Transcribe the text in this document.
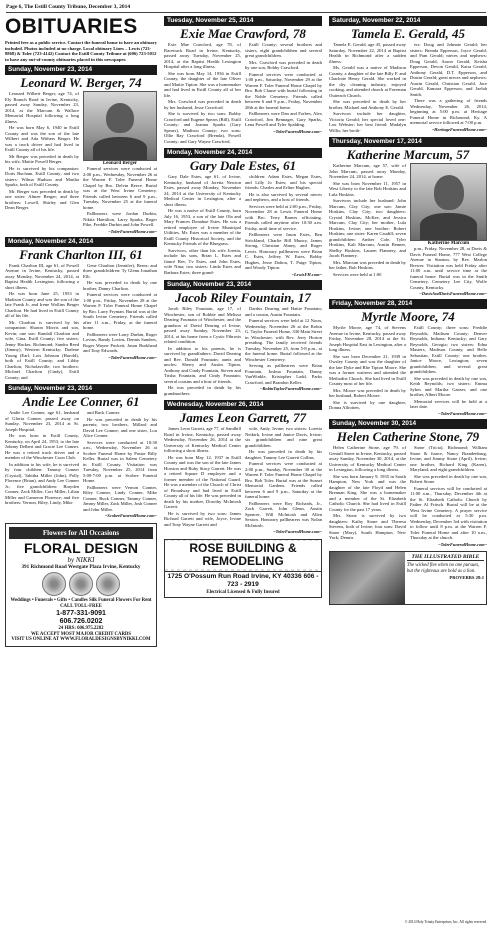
Page 6, The Estill County Tribune, December 3, 2014
OBITUARIES
Printed free as a public service. Contact the funeral home to have an obituary included. Photos included at no charge. Local obituary Lines – Lewis (723-8868) & Toler (723-4142) Contact the Estill County Tribune at (606) 723-5012 to have any out-of-county obituaries placed in this newspaper.
Sunday, November 23, 2014
Leonard W. Berger, 74

Leonard Wilbert Berger, age 74, of Ely Branch Road in Irvine, Kentucky, passed away Sunday, November 23, 2014, at the Marcum & Wallace Memorial Hospital following a long illness.

He was born May 6, 1940 in Estill County and was the son of the late Wilbert and Ada Withers Berger. He was a truck driver and had lived in Estill County all of his life.

Mr Berger was preceded in death by his wife, Mattie Powell Berger.

He is survived by his companion: Doris Bucham, Estill County; and two sisters: Wilma Hudson and Martha Sparks, both of Estill County.

Mr. Berger was preceded in death by one sister: Almee Berger; and three brothers: Lowell, Shirley and Glen Dean Berger.

Leonard Berger

Funeral services were conducted at 2:00 p.m., Wednesday, November 26 at the Warren F. Toler Funeral Home Chapel by Bro. Delvin Reece. Burial was at the West Irvine Cemetery. Friends called between 6 and 9 p.m., Tuesday, November 25 at the funeral home.

Pallbearers were Jordan Durbin, Nikita Hamilton, Larry Sparks, Roger Pike, Freddie Durbin and John Powell.

~TolerFuneralHome.com~
Monday, November 24, 2014
Frank Charlton III, 61

Frank Charlton III, age 61, of Powell Avenue in Irvine, Kentucky, passed away Monday, November 24, 2014, at Baptist Health Lexington, following a short illness.

He was born June 25, 1953 in Madison County and was the son of the late Frank Jr. and Irene Wollins Berger Charlton. He had lived in Estill County all of his life.

Mr. Charlton is survived by his companion: Sharon Morris and son, Kevin; one son: Randall Charlton and wife, Gina, Estill County; five sisters: Jenny Hacker, Richmond; Sandra Reed (Jimmy), Western Kentucky; Darlene Young (Earl, Lois Johnson (Harold), both of Estill County; and Libby Charlton, Nicholasville; two brothers: Michael Charlton (Cindy), Estill County; and

Gene Charlton (Jennifer), Berea; and three grandchildren: Ty Glenn Jonathan Elli.

He was preceded in death by one brother, Danny Charlton.

Funeral services were conducted at 1:00 p.m., Friday, November 28 at the Warren F. Toler Funeral Home Chapel by Bro. Larry Fryman. Burial was at the South Irvine Cemetery. Friends called after 11 a.m., Friday, at the funeral home.

Pallbearers were Larry Durbin, Roger Lovins, Randy Lovins, Dennis Sanders, Roger Wayne Puckett, Jason Burkhead and Tony Edwards.

~TolerFuneralHome.com~
Sunday, November 23, 2014
Andie Lee Conner, 61

Andie Lee Conner, age 61, husband of Gloria Conner, passed away on Sunday, November 23, 2014 at St. Joseph Hospital.

He was born in Estill County, Kentucky, on April 24, 1953, to the late Johnny Delbert and Gracie Lee Conner. He was a retired truck driver and a member of the Winchester Coon Club.

In addition to his wife, he is survived by four children: Tammy Conner (Crystal), Tabitha Miller (John), Polly Florence (Brian), and Andy Lee Conner Jr.; five grandchildren: Brayden Conner, Zack Miller, Cort Miller, Lilian Miller and Cameron Florence; and five brothers: Vernon, Riley, Lindy, Mike

and Buck Conner.

He was preceded in death by his parents; two brothers, Millard and David Lee Conner; and one sister, Lou Alice Conner.

Services were conducted at 10:30 a.m., Wednesday, November 26 at Scobee Funeral Home by Pastor Billy Keller. Burial was in Salem Cemetery in Estill County. Visitation was Tuesday, November 25, 2014 from 5:00-7:00 p.m. at Scobee Funeral Home.

Pallbearers were Vernon Conner, Riley Conner, Lindy Conner, Mike Conner, Buck Conner, Tammy Conner, Jimmy Miller, Zack Miller, Josh Conner and John Miller.

~ScobeeFuneralHome.com~
Flowers for All Occasions
FLORAL DESIGN
by NIKKI
391 Richmond Road Westgate Plaza Irvine, Kentucky
Weddings • Funerals • Gifts • Candles Silk Funeral Flowers For Rent
CALL TOLL-FREE
1-877-331-9091
606.726.0202
24 HRS: 606.975.2282
WE ACCEPT MOST MAJOR CREDIT CARDS
VISIT US ONLINE AT WWW.FLORALDESIGNSBYNIKKI.COM
Tuesday, November 25, 2014
Exie Mae Crawford, 78

Exie Mae Crawford, age 78, of Racetrack Road in Irvine, Kentucky, passed away Tuesday, November 25, 2014, at the Baptist Health Lexington Hospital after a long illness.

She was born May 14, 1936 in Estill County, the daughter of the late Oliver and Mattie Tipton. She was a homemaker and had lived in Estill County all of her life.

Mrs. Crawford was preceded in death by her husband, Jesse Crawford.

She is survived by two sons: Bobby Crawford and Eugene Spears (Bill), Estill County; and Joanna Sparks (Gary Spears), Madison County; two sons: Ollie Ray Crawford (Brenda), Powell County; and Gary Wayne Crawford,

Estill County; several brothers and sisters, eight grandchildren and several great grandchildren.

Mrs. Crawford was preceded in death by one son, Bobby Crawford.

Funeral services were conducted at 1:00 p.m., Saturday, November 29 at the Warren F. Toler Funeral Home Chapel by Bro. Bob Clause with burial following in the Noble Cemetery. Friends called between 6 and 9 p.m., Friday, November 28th at the funeral home.

Pallbearers were Dan and Forbes, Alex Crawford, Jim Bennager, Gary Sparks, Lena Powell and Tyler Spalding.

~TolerFuneralHome.com~
Monday, November 24, 2014
Gary Dale Estes, 61

Gary Dale Estes, age 61, of Irvine, Kentucky, husband of Joretta Newton Estes, passed away Monday, November 24, 2014 at the University of Kentucky Medical Center in Lexington, after a short illness.

He was a native of Estill County, born July 16, 1953, a son of the late Ola and Mary Frances Donahue Estes. He was a retired employee of Irvine Municipal Utilities. Mr. Estes was a member of the Estill County Historical Society, and the Kentucky Friends of the Bluegrass.

Survivors, other than his wife Joretta, include his sons, Brian L. Estes and fiancé Bev, Tv Estes, and John Estes, wife Nina; two sisters: Linda Estes and Barbara Estes; three grand-

children: Adam Estes, Megan Estes, and Lilly Jo Estes; and his special friends: Charles and Erline Hughes.

He is also survived by several nieces and nephews, and a host of friends.

Services were held at 2:00 p.m., Friday, November 28 at Lewis Funeral Home with Bro. Terry Barnes officiating. Friends called anytime after 10:30 a.m. Friday, until time of service.

Pallbearers were Jason Estes, Ben Strickland, Charlie Bill Muncy, James Strong, Christian Abney, and Roger Lewis. Honorary pallbearers were Brian C. Estes, Jeffrey W. Estes, Bobby Hughes, Jesse Dalton, T. Paige Tipton, and Woody Tipton.

~LewisFH.com~
Sunday, November 23, 2014
Jacob Riley Fountain, 17

Jacob Riley Fountain, age 17, of Winchester, son of Robbie and Melissa Dearing Fountain of Winchester, and the grandson of David Dearing of Irvine, passed away Sunday, November 23, 2014, at his home from a Cystic Fibrosis related condition.

In addition to his parents, he is survived by grandfathers: David Dearing and Rev. Donald Fountain; aunts and uncles: Sherry and Austin Tipton, Anthony and Cindy Fountain, Steven and Trisha Fountain, and Cindy Fountain; several cousins and a host of friends.

He was preceded in death by his grandmothers:

Dardus Dearing and Hattie Fountain; and a cousin, Austin Fountain.

Funeral services were held at 12 Noon, Wednesday, November 26 at the Robin G. Taylor Funeral Home, 330 Main Street in Winchester, with Rev. Jerry Horton presiding. The family received friends Tuesday, November 25, from 5-8 p.m., at the funeral home. Burial followed at the Winchester Cemetery.

Serving as pallbearers were Brian Fountain, Joshua Fountain, Danny VanWinkle, Kristopher Ladd, Parks Crawford, and Brandon Keller.

~RobinTaylorFuneralHome.com~
Wednesday, November 26, 2014
James Leon Garrett, 77

James Leon Garrett, age 77, of Sandhill Road in Irvine, Kentucky, passed away Wednesday, November 26, 2014 at the University of Kentucky Medical Center following a short illness.

He was born May 12, 1937 in Estill County and was the son of the late James Horston and Ruby Stacy Garrett. He was a retired Square D employee and a former member of the National Guard. He was a member of the Church of Christ of Broadway and had lived in Estill County all of his life. He was preceded in death by his mother, Dorothy McIntosh Garrett.

He is survived by two sons: James Richard Garrett and wife, Joyce, Irvine and Tony Wayne Garrett and

wife, Andy, Irvine; two sisters: Loretta Neikirk, Irvine and Janice Davis, Irvine; six grandchildren and nine great grandchildren.

He was preceded in death by his daughter, Tammy Lee Garrett Collins.

Funeral services were conducted at 2:00 p.m., Sunday, November 30 at the Warren F. Toler Funeral Home Chapel by Bro. Bob Toler. Burial was at the Sunset Memorial Gardens. Friends called between 6 and 9 p.m., Saturday at the funeral home.

Pallbearers were Roy Richards, Jr., Zack Garrett, John Glenn, Austin Spencer, Will McIntosh and Allen Sexton. Honorary pallbearers was Nolan McIntosh.

~TolerFuneralHome.com~
ROSE BUILDING & REMODELING
1725 O'Possum Run Road Irvine, KY 40336 606 - 723 - 2919
Electrical Licensed & Fully Insured
Saturday, November 22, 2014
Tamela E. Gerald, 45

Tamela E. Gerald, age 45, passed away Saturday, November 22, 2014 at Baptist Health in Richmond after a sudden illness.

Ms. Gerald was a native of Madison County, a daughter of the late Billy F. and Charlotte Henry Gerald. She worked in the dry cleaning industry, enjoyed cooking, and attended church at Faveman Outreach Church.

She was preceded in death by her brother, Michael and Anthony E. Gerald.

Survivors include her daughter, Victoria Gerald; her special loved one: Lou Webster; her best friend: Madalyn Willis; her broth-

ers: Doug and Johnnie Gerald; her sisters: Brenda Epperson, Joyce Gerald, and Pam Gerald; nieces and nephews: Doug Gerald, Aaron Gerald, Keisha Epperson, Devon Gerald, Kaira Gerald, Anthony Gerald, D.T. Epperson, and Dustin Gerald; great nieces and nephews: Austin Gerald, Christian Gerald, Jace Gerald, Kamara Epperson, and Jaelah Smith.

There was a gathering of friends Wednesday, November 26, 2014, beginning at 5:00 p.m. at Heritage Funeral Home in Richmond, Ky. A memorial service followed at 7:00 p.m.

~HeritageFuneralHome.com~
Thursday, November 17, 2014
Katherine Marcum, 57

Katherine Marcum, age 57, wife of John Marcum, passed away Monday, November 24, 2014, at home.

She was born November 11, 1957 in West Liberty to the late Bob Hoskins and Lula Hoskins.

Survivors include her husband: John Marcum, Clay City; one son: Jamie Hoskins, Clay City; two daughters: Crystal Hoskins, McKee, and Jessica Marcum, Clay City; her mother, Lula Hoskins, Irvine; one brother: Robert Hoskins; one sister: Karen Caudill; seven grandchildren: Amber Cole, Tyler Hoskins, Kali Marcum, Austin Benner, Shelby Hoskins, Lauren Flannery, and Jacob Flannery.

Mrs. Marcum was preceded in death by her father, Bob Hoskins.

Services were held at 1:00

Katherine Marcum

p.m., Friday, November 28, at Davis & Davis Funeral Home, 777 West College Avenue in Stanton, by Rev. Marlon Brewer. Visitation was held Friday after 11:00 a.m. until service time at the funeral home. Burial was in the Smith Cemetery, Cemetery Lee City, Wolfe County, Kentucky.

~DavisAndDavisFuneralHome.com~
Friday, November 28, 2014
Myrtle Moore, 74

Myrtle Moore, age 74, of Stevens Avenue in Irvine, Kentucky, passed away Friday, November 28, 2014 at the St. Joseph Hospital East in Lexington, after a long illness.

She was born December 21, 1939 in Owsley County and was the daughter of the late Dyke and Rhe Tipton Moore. She was a former waitress and attended the Methodist Church. She had lived in Estill County most of her life.

Mrs. Moore was preceded in death by her husband, Robert Moore.

She is survived by one daughter, Donna Allrotten,

Estill County; three sons: Freddie Reynolds, Madison County; Denver Reynolds, Indiana; Kentucky; and Gary Reynolds, Georgia; two sisters: Edna Masters, Madison County, and Belle Sebastian, Estill County; one brother, Janice Moore, Lexington; seven grandchildren, and several great grandchildren.

She was preceded in death by one son, Keith Reynolds; two sisters: Emma Sykes and Martha Ganser, and one brother, Albert Moore.

Memorial services will be held at a later date.

~TolerFuneralHome.com~
Sunday, November 30, 2014
Helen Catherine Stone, 79

Helen Catherine Stone, age 79, of Gentull Street in Irvine, Kentucky, passed away Sunday, November 30, 2014, at the University of Kentucky Medical Center in Lexington, following a long illness.

She was born January 9, 1935 in South Hampton, New York and was the daughter of the late Floyd and Helen Brennan King. She was a homemaker and a member of the St. Elizabeth Catholic Church. She had lived in Estill County for the past 17 years.

Mrs. Stone is survived by two daughters: Kathy Stone and Theresa Stevens, both of Irvine; four sons: David Stone (Mary), South Hampton, New York; Dennis

Stone (Tricia), Richmond; William Stone & fiance, Nancy Brandenburg, Irvine; and Jimmy Stone (April), Irvine; one brother, Richard King (Karen), Maryland; and eight grandchildren.

She was preceded in death by one son, Robert Stone.

Funeral services will be conducted at 11:00 a.m., Thursday, December 4th at the St. Elizabeth Catholic Church by Father Al Fritsch. Burial will be at the West Irvine Cemetery. A prayer service will be conducted at 5:30 p.m. Wednesday, December 3rd with visitation to follow until 8 p.m. at the Warren F. Toler Funeral Home and after 10 a.m., Thursday at the church.

~TolerFuneralHome.com~
THE ILLUSTRATED BIBLE
The wicked flee when no one pursues, but the righteous are bold as a lion.
PROVERBS 28:1
© 2014 Holy Trinity Enterprises, Inc. All rights reserved.
